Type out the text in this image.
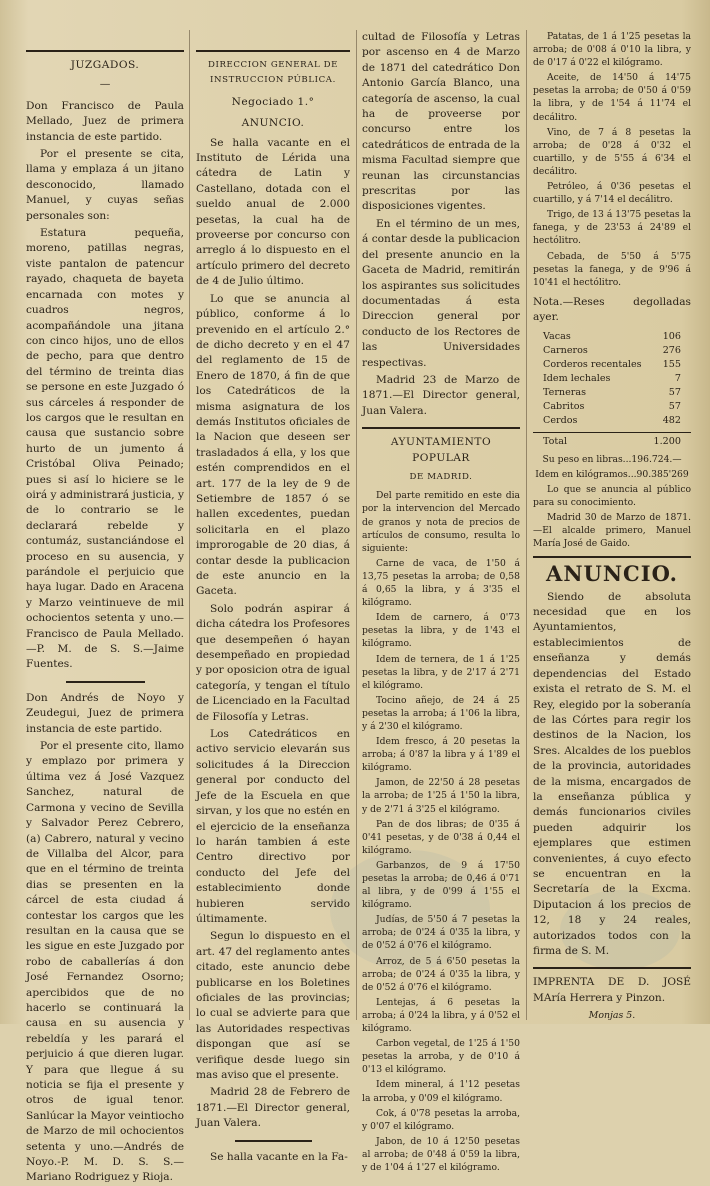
JUZGADOS.
—

Don Francisco de Paula Mellado, Juez de primera instancia de este partido.

Por el presente se cita, llama y emplaza á un jitano desconocido, llamado Manuel, y cuyas señas personales son:

Estatura pequeña, moreno, patillas negras, viste pantalon de patencur rayado, chaqueta de bayeta encarnada con motes y cuadros negros, acompañándole una jitana con cinco hijos, uno de ellos de pecho, para que dentro del término de treinta dias se persone en este Juzgado ó sus cárceles á responder de los cargos que le resultan en causa que sustancio sobre hurto de un jumento á Cristóbal Oliva Peinado; pues si así lo hiciere se le oirá y administrará justicia, y de lo contrario se le declarará rebelde y contumáz, sustanciándose el proceso en su ausencia, y parándole el perjuicio que haya lugar. Dado en Aracena y Marzo veintinueve de mil ochocientos setenta y uno.—Francisco de Paula Mellado.—P. M. de S. S.—Jaime Fuentes.

Don Andrés de Noyo y Zeudegui, Juez de primera instancia de este partido.

Por el presente cito, llamo y emplazo por primera y última vez á José Vazquez Sanchez, natural de Carmona y vecino de Sevilla y Salvador Perez Cebrero, (a) Cabrero, natural y vecino de Villalba del Alcor, para que en el término de treinta dias se presenten en la cárcel de esta ciudad á contestar los cargos que les resultan en la causa que se les sigue en este Juzgado por robo de caballerías á don José Fernandez Osorno; apercibidos que de no hacerlo se continuará la causa en su ausencia y rebeldía y les parará el perjuicio á que dieren lugar. Y para que llegue á su noticia se fija el presente y otros de igual tenor. Sanlúcar la Mayor veintiocho de Marzo de mil ochocientos setenta y uno.—Andrés de Noyo.-P. M. D. S. S.—Mariano Rodriguez y Rioja.

DIRECCION GENERAL DE INSTRUCCION PÚBLICA.
Negociado 1.°
ANUNCIO.

Se halla vacante en el Instituto de Lérida una cátedra de Latin y Castellano, dotada con el sueldo anual de 2.000 pesetas, la cual ha de proveerse por concurso con arreglo á lo dispuesto en el artículo primero del decreto de 4 de Julio último.

Lo que se anuncia al público, conforme á lo prevenido en el artículo 2.° de dicho decreto y en el 47 del reglamento de 15 de Enero de 1870, á fin de que los Catedráticos de la misma asignatura de los demás Institutos oficiales de la Nacion que deseen ser trasladados á ella, y los que estén comprendidos en el art. 177 de la ley de 9 de Setiembre de 1857 ó se hallen excedentes, puedan solicitarla en el plazo improrogable de 20 dias, á contar desde la publicacion de este anuncio en la Gaceta.

Solo podrán aspirar á dicha cátedra los Profesores que desempeñen ó hayan desempeñado en propiedad y por oposicion otra de igual categoría, y tengan el título de Licenciado en la Facultad de Filosofía y Letras.

Los Catedráticos en activo servicio elevarán sus solicitudes á la Direccion general por conducto del Jefe de la Escuela en que sirvan, y los que no estén en el ejercicio de la enseñanza lo harán tambien á este Centro directivo por conducto del Jefe del establecimiento donde hubieren servido últimamente.

Segun lo dispuesto en el art. 47 del reglamento antes citado, este anuncio debe publicarse en los Boletines oficiales de las provincias; lo cual se advierte para que las Autoridades respectivas dispongan que así se verifique desde luego sin mas aviso que el presente.

Madrid 28 de Febrero de 1871.—El Director general, Juan Valera.

Se halla vacante en la Fa-

cultad de Filosofía y Letras por ascenso en 4 de Marzo de 1871 del catedrático Don Antonio García Blanco, una categoría de ascenso, la cual ha de proveerse por concurso entre los catedráticos de entrada de la misma Facultad siempre que reunan las circunstancias prescritas por las disposiciones vigentes.

En el término de un mes, á contar desde la publicacion del presente anuncio en la Gaceta de Madrid, remitirán los aspirantes sus solicitudes documentadas á esta Direccion general por conducto de los Rectores de las Universidades respectivas.

Madrid 23 de Marzo de 1871.—El Director general, Juan Valera.

AYUNTAMIENTO POPULAR
DE MADRID.

Del parte remitido en este dia por la intervencion del Mercado de granos y nota de precios de artículos de consumo, resulta lo siguiente:

Carne de vaca, de 1'50 á 13,75 pesetas la arroba; de 0,58 á 0,65 la libra, y á 3'35 el kilógramo.

Idem de carnero, á 0'73 pesetas la libra, y de 1'43 el kilógramo.

Idem de ternera, de 1 á 1'25 pesetas la libra, y de 2'17 á 2'71 el kilógramo.

Tocino añejo, de 24 á 25 pesetas la arroba; á 1'06 la libra, y á 2'30 el kilógramo.

Idem fresco, á 20 pesetas la arroba; á 0'87 la libra y á 1'89 el kilógramo.

Jamon, de 22'50 á 28 pesetas la arroba; de 1'25 á 1'50 la libra, y de 2'71 á 3'25 el kilógramo.

Pan de dos libras; de 0'35 á 0'41 pesetas, y de 0'38 á 0,44 el kilógramo.

Garbanzos, de 9 á 17'50 pesetas la arroba; de 0,46 á 0'71 al libra, y de 0'99 á 1'55 el kilógramo.

Judías, de 5'50 á 7 pesetas la arroba; de 0'24 á 0'35 la libra, y de 0'52 á 0'76 el kilógramo.

Arroz, de 5 á 6'50 pesetas la arroba; de 0'24 á 0'35 la libra, y de 0'52 á 0'76 el kilógramo.

Lentejas, á 6 pesetas la arroba; á 0'24 la libra, y á 0'52 el kilógramo.

Carbon vegetal, de 1'25 á 1'50 pesetas la arroba, y de 0'10 á 0'13 el kilógramo.

Idem mineral, á 1'12 pesetas la arroba, y 0'09 el kilógramo.

Cok, á 0'78 pesetas la arroba, y 0'07 el kilógramo.

Jabon, de 10 á 12'50 pesetas al arroba; de 0'48 á 0'59 la libra, y de 1'04 á 1'27 el kilógramo.

Patatas, de 1 á 1'25 pesetas la arroba; de 0'08 á 0'10 la libra, y de 0'17 á 0'22 el kilógramo.

Aceite, de 14'50 á 14'75 pesetas la arroba; de 0'50 á 0'59 la libra, y de 1'54 á 11'74 el decálitro.

Vino, de 7 á 8 pesetas la arroba; de 0'28 á 0'32 el cuartillo, y de 5'55 á 6'34 el decálitro.

Petróleo, á 0'36 pesetas el cuartillo, y á 7'14 el decálitro.

Trigo, de 13 á 13'75 pesetas la fanega, y de 23'53 á 24'89 el hectólitro.

Cebada, de 5'50 á 5'75 pesetas la fanega, y de 9'96 á 10'41 el hectólitro.

Nota.—Reses degolladas ayer.

Vacas	106
Carneros	276
Corderos recentales 155
Idem lechales	7
Terneras	57
Cabritos	57
Cerdos	482
Total	1.200

Su peso en libras...196.724.—

Idem en kilógramos...90.385'269

Lo que se anuncia al público para su conocimiento.

Madrid 30 de Marzo de 1871.—El alcalde primero, Manuel María José de Gaido.

ANUNCIO.

Siendo de absoluta necesidad que en los Ayuntamientos, establecimientos de enseñanza y demás dependencias del Estado exista el retrato de S. M. el Rey, elegido por la soberanía de las Córtes para regir los destinos de la Nacion, los Sres. Alcaldes de los pueblos de la provincia, autoridades de la misma, encargados de la enseñanza pública y demás funcionarios civiles pueden adquirir los ejemplares que estimen convenientes, á cuyo efecto se encuentran en la Secretaría de la Excma. Diputacion á los precios de 12, 18 y 24 reales, autorizados todos con la firma de S. M.

IMPRENTA DE D. JOSÉ MAría Herrera y Pinzon.

Monjas 5.
